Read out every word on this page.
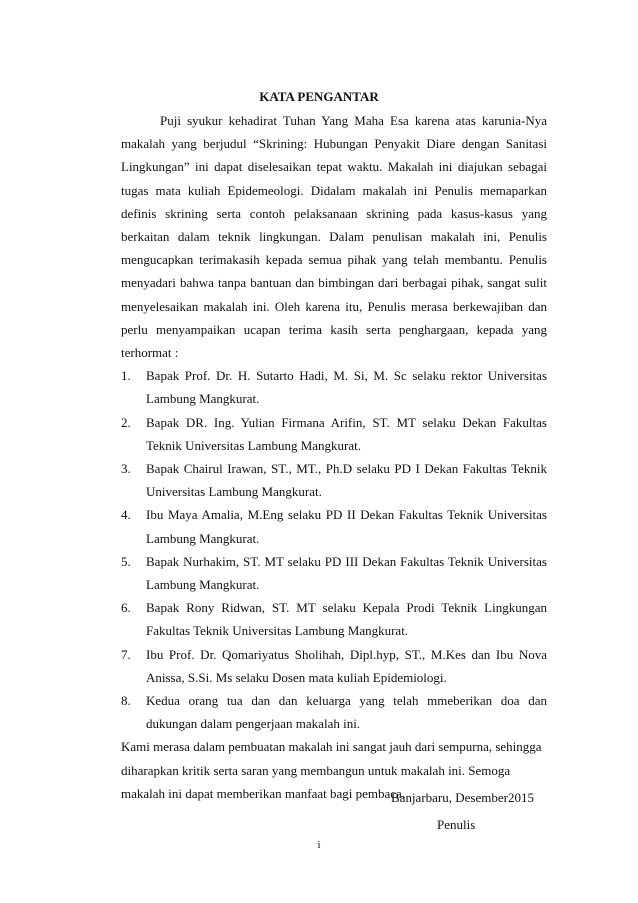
KATA PENGANTAR

Puji syukur kehadirat Tuhan Yang Maha Esa karena atas karunia-Nya makalah yang berjudul “Skrining: Hubungan Penyakit Diare dengan Sanitasi Lingkungan” ini dapat diselesaikan tepat waktu. Makalah ini diajukan sebagai tugas mata kuliah Epidemeologi. Didalam makalah ini Penulis memaparkan definis skrining serta contoh pelaksanaan skrining pada kasus-kasus yang berkaitan dalam teknik lingkungan. Dalam penulisan makalah ini, Penulis mengucapkan terimakasih kepada semua pihak yang telah membantu. Penulis menyadari bahwa tanpa bantuan dan bimbingan dari berbagai pihak, sangat sulit menyelesaikan makalah ini. Oleh karena itu, Penulis merasa berkewajiban dan perlu menyampaikan ucapan terima kasih serta penghargaan, kepada yang terhormat :

1. Bapak Prof. Dr. H. Sutarto Hadi, M. Si, M. Sc selaku rektor Universitas Lambung Mangkurat.
2. Bapak DR. Ing. Yulian Firmana Arifin, ST. MT selaku Dekan Fakultas Teknik Universitas Lambung Mangkurat.
3. Bapak Chairul Irawan, ST., MT., Ph.D selaku PD I Dekan Fakultas Teknik Universitas Lambung Mangkurat.
4. Ibu Maya Amalia, M.Eng selaku PD II Dekan Fakultas Teknik Universitas Lambung Mangkurat.
5. Bapak Nurhakim, ST. MT selaku PD III Dekan Fakultas Teknik Universitas Lambung Mangkurat.
6. Bapak Rony Ridwan, ST. MT selaku Kepala Prodi Teknik Lingkungan Fakultas Teknik Universitas Lambung Mangkurat.
7. Ibu Prof. Dr. Qomariyatus Sholihah, Dipl.hyp, ST., M.Kes dan Ibu Nova Anissa, S.Si. Ms selaku Dosen mata kuliah Epidemiologi.
8. Kedua orang tua dan dan keluarga yang telah mmeberikan doa dan dukungan dalam pengerjaan makalah ini.

Kami merasa dalam pembuatan makalah ini sangat jauh dari sempurna, sehingga diharapkan kritik serta saran yang membangun untuk makalah ini. Semoga makalah ini dapat memberikan manfaat bagi pembaca.

Banjarbaru, Desember2015
Penulis
i
